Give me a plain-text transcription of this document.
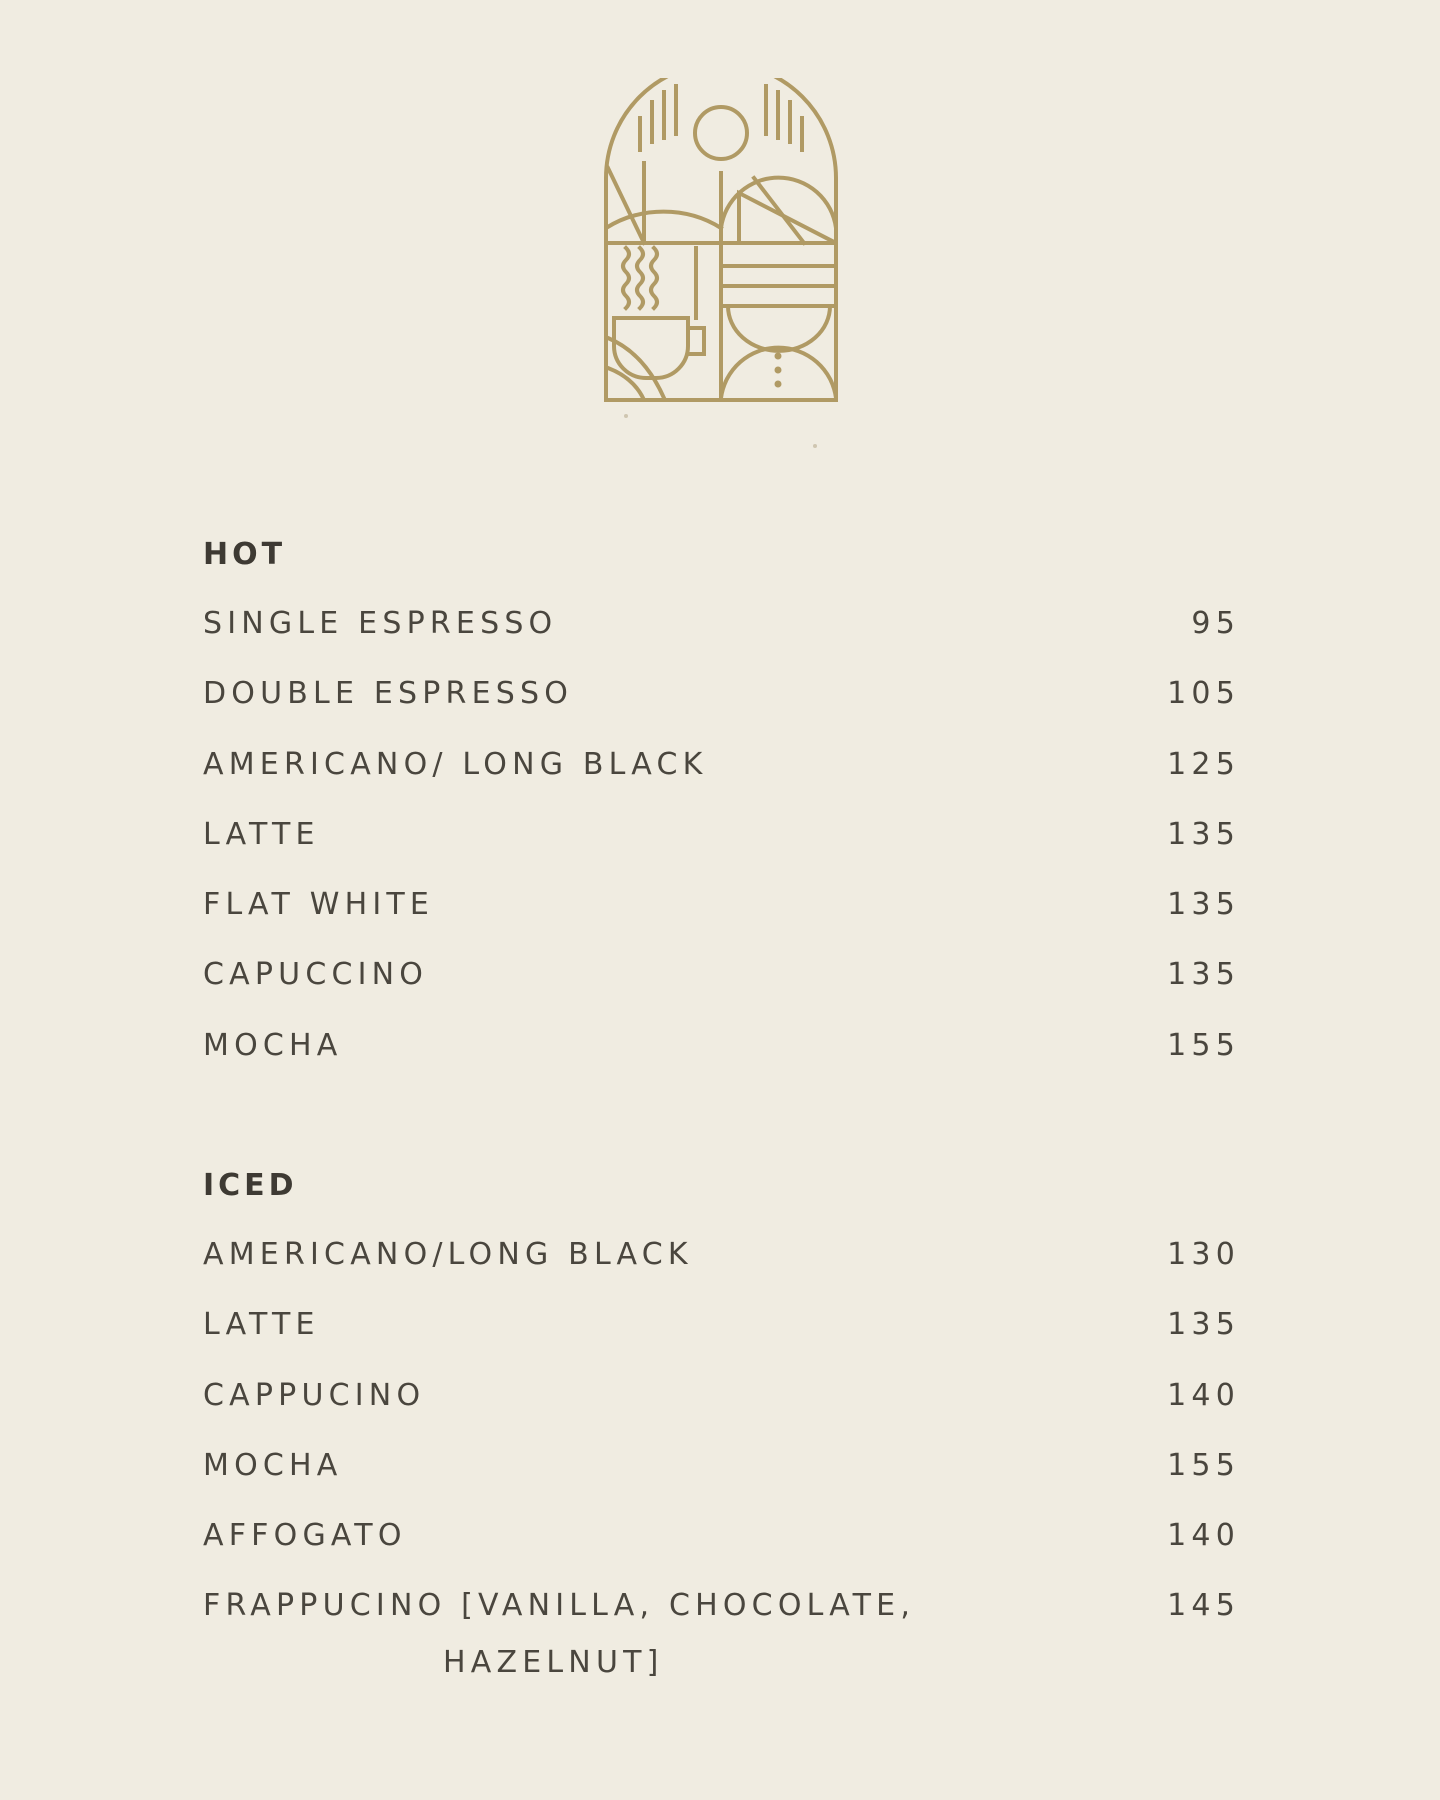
HOT
SINGLE ESPRESSO	95
DOUBLE ESPRESSO	105
AMERICANO/ LONG BLACK	125
LATTE	135
FLAT WHITE	135
CAPUCCINO	135
MOCHA	155
ICED
AMERICANO/LONG BLACK	130
LATTE	135
CAPPUCINO	140
MOCHA	155
AFFOGATO	140
FRAPPUCINO [VANILLA, CHOCOLATE,
HAZELNUT]
145
